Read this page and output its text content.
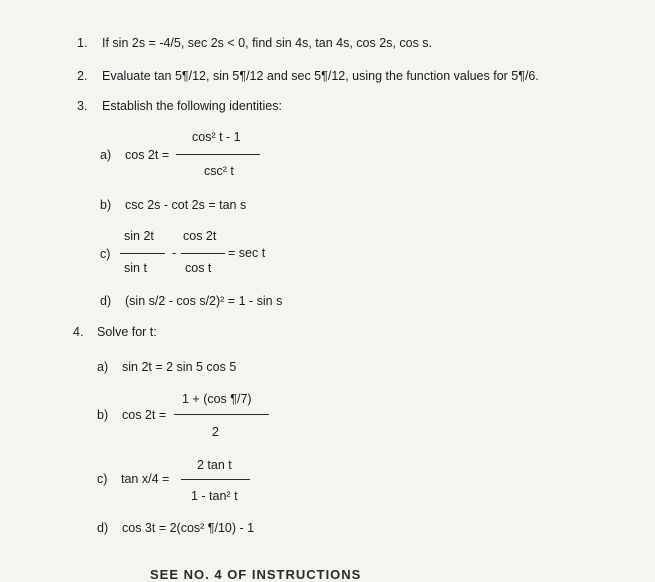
1. If sin 2s = -4/5, sec 2s < 0, find sin 4s, tan 4s, cos 2s, cos s.
2. Evaluate tan 5¶/12, sin 5¶/12 and sec 5¶/12, using the function values for 5¶/6.
3. Establish the following identities:
a) cos 2t =
cos² t - 1
csc² t
b) csc 2s - cot 2s = tan s
c)
sin 2t
sin t
-
cos 2t
cos t
= sec t
d) (sin s/2 - cos s/2)² = 1 - sin s
4. Solve for t:
a) sin 2t = 2 sin 5 cos 5
b) cos 2t =
1 + (cos ¶/7)
2
c) tan x/4 =
2 tan t
1 - tan² t
d) cos 3t = 2(cos² ¶/10) - 1
SEE NO. 4 OF INSTRUCTIONS
